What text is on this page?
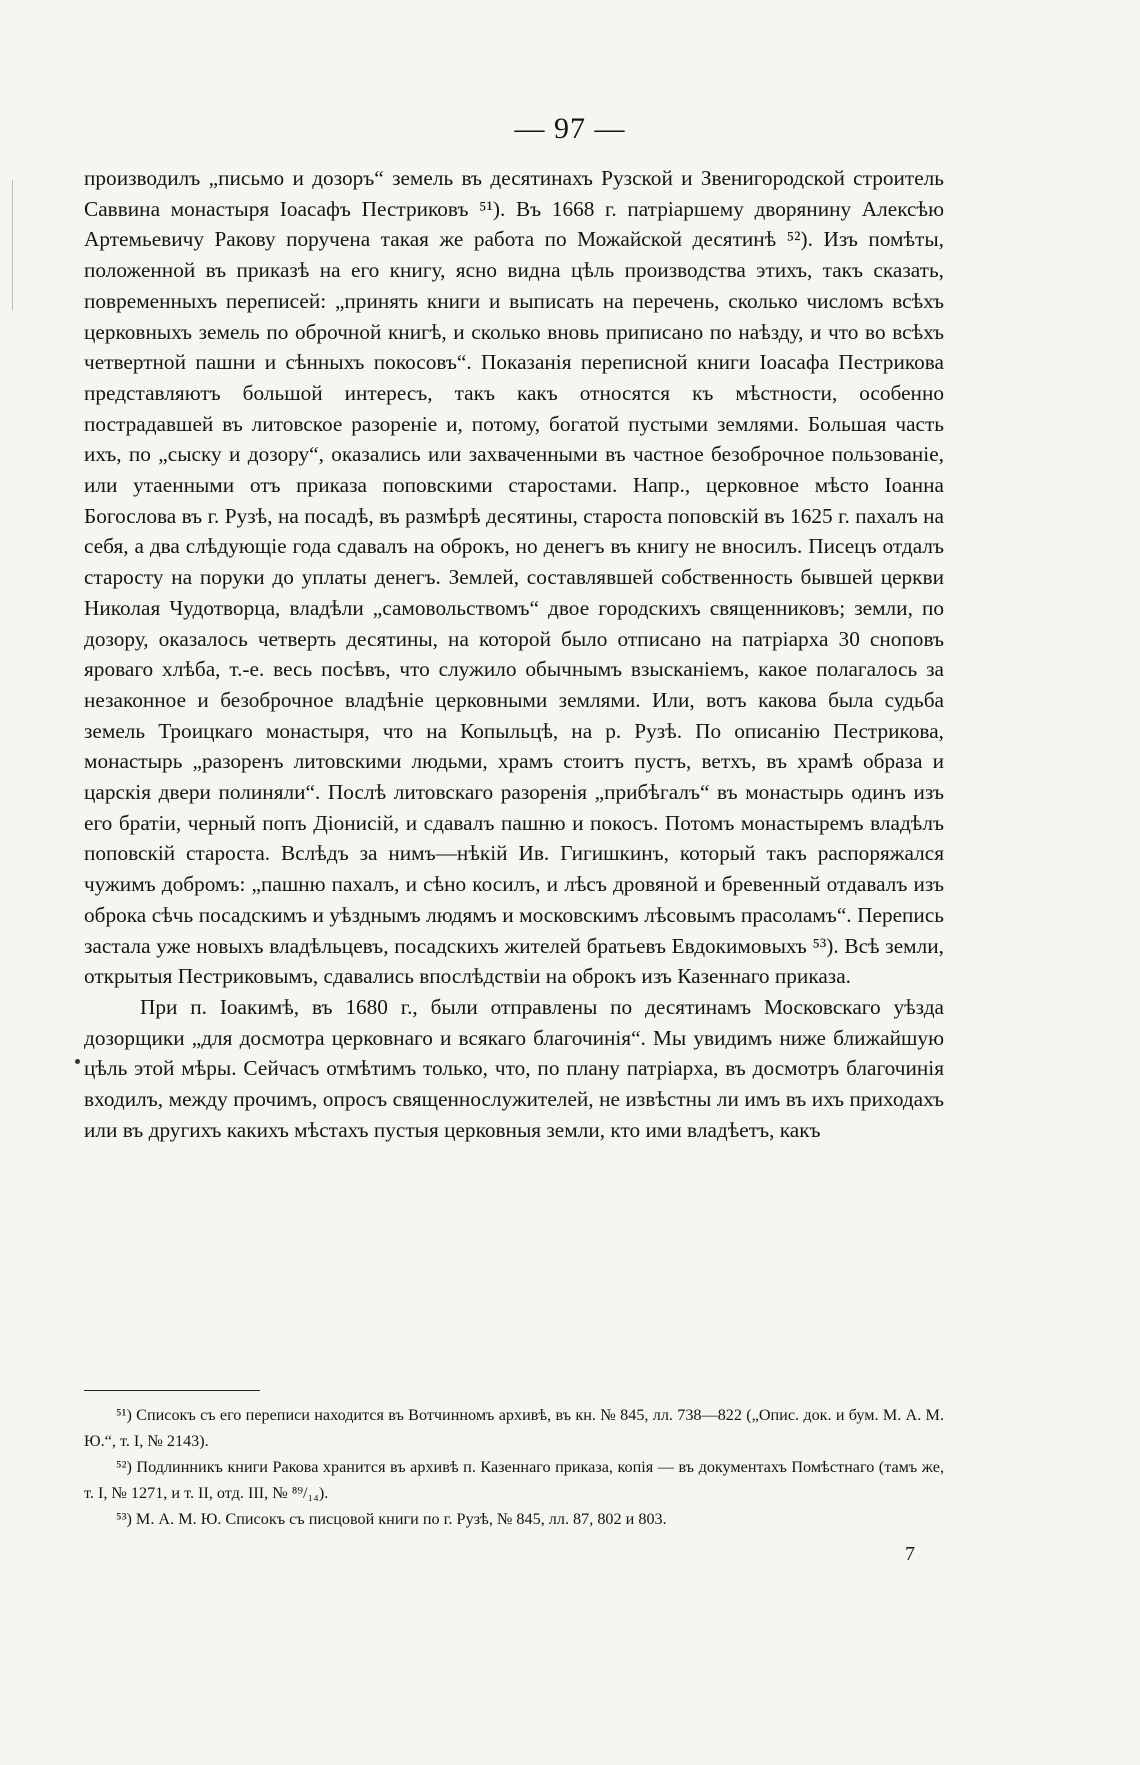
— 97 —

производилъ „письмо и дозоръ“ земель въ десятинахъ Рузской и Звенигородской строитель Саввина монастыря Іоасафъ Пестриковъ ⁵¹). Въ 1668 г. патріаршему дворянину Алексѣю Артемьевичу Ракову поручена такая же работа по Можайской десятинѣ ⁵²). Изъ помѣты, положенной въ приказѣ на его книгу, ясно видна цѣль производства этихъ, такъ сказать, повременныхъ переписей: „принять книги и выписать на перечень, сколько числомъ всѣхъ церковныхъ земель по оброчной книгѣ, и сколько вновь приписано по наѣзду, и что во всѣхъ четвертной пашни и сѣнныхъ покосовъ“. Показанія переписной книги Іоасафа Пестрикова представляютъ большой интересъ, такъ какъ относятся къ мѣстности, особенно пострадавшей въ литовское разореніе и, потому, богатой пустыми землями. Большая часть ихъ, по „сыску и дозору“, оказались или захваченными въ частное безоброчное пользованіе, или утаенными отъ приказа поповскими старостами. Напр., церковное мѣсто Іоанна Богослова въ г. Рузѣ, на посадѣ, въ размѣрѣ десятины, староста поповскій въ 1625 г. пахалъ на себя, а два слѣдующіе года сдавалъ на оброкъ, но денегъ въ книгу не вносилъ. Писецъ отдалъ старосту на поруки до уплаты денегъ. Землей, составлявшей собственность бывшей церкви Николая Чудотворца, владѣли „самовольствомъ“ двое городскихъ священниковъ; земли, по дозору, оказалось четверть десятины, на которой было отписано на патріарха 30 сноповъ яроваго хлѣба, т.-е. весь посѣвъ, что служило обычнымъ взысканіемъ, какое полагалось за незаконное и безоброчное владѣніе церковными землями. Или, вотъ какова была судьба земель Троицкаго монастыря, что на Копыльцѣ, на р. Рузѣ. По описанію Пестрикова, монастырь „разоренъ литовскими людьми, храмъ стоитъ пустъ, ветхъ, въ храмѣ образа и царскія двери полиняли“. Послѣ литовскаго разоренія „прибѣгалъ“ въ монастырь одинъ изъ его братіи, черный попъ Діонисій, и сдавалъ пашню и покосъ. Потомъ монастыремъ владѣлъ поповскій староста. Вслѣдъ за нимъ—нѣкій Ив. Гигишкинъ, который такъ распоряжался чужимъ добромъ: „пашню пахалъ, и сѣно косилъ, и лѣсъ дровяной и бревенный отдавалъ изъ оброка сѣчь посадскимъ и уѣзднымъ людямъ и московскимъ лѣсовымъ прасоламъ“. Перепись застала уже новыхъ владѣльцевъ, посадскихъ жителей братьевъ Евдокимовыхъ ⁵³). Всѣ земли, открытыя Пестриковымъ, сдавались впослѣдствіи на оброкъ изъ Казеннаго приказа.

При п. Іоакимѣ, въ 1680 г., были отправлены по десятинамъ Московскаго уѣзда дозорщики „для досмотра церковнаго и всякаго благочинія“. Мы увидимъ ниже ближайшую цѣль этой мѣры. Сейчасъ отмѣтимъ только, что, по плану патріарха, въ досмотръ благочинія входилъ, между прочимъ, опросъ священнослужителей, не извѣстны ли имъ въ ихъ приходахъ или въ другихъ какихъ мѣстахъ пустыя церковныя земли, кто ими владѣетъ, какъ

⁵¹) Списокъ съ его переписи находится въ Вотчинномъ архивѣ, въ кн. № 845, лл. 738—822 („Опис. док. и бум. М. А. М. Ю.“, т. I, № 2143).

⁵²) Подлинникъ книги Ракова хранится въ архивѣ п. Казеннаго приказа, копія — въ документахъ Помѣстнаго (тамъ же, т. I, № 1271, и т. II, отд. III, № ⁸⁹/₁₄).

⁵³) М. А. М. Ю. Списокъ съ писцовой книги по г. Рузѣ, № 845, лл. 87, 802 и 803.

7
